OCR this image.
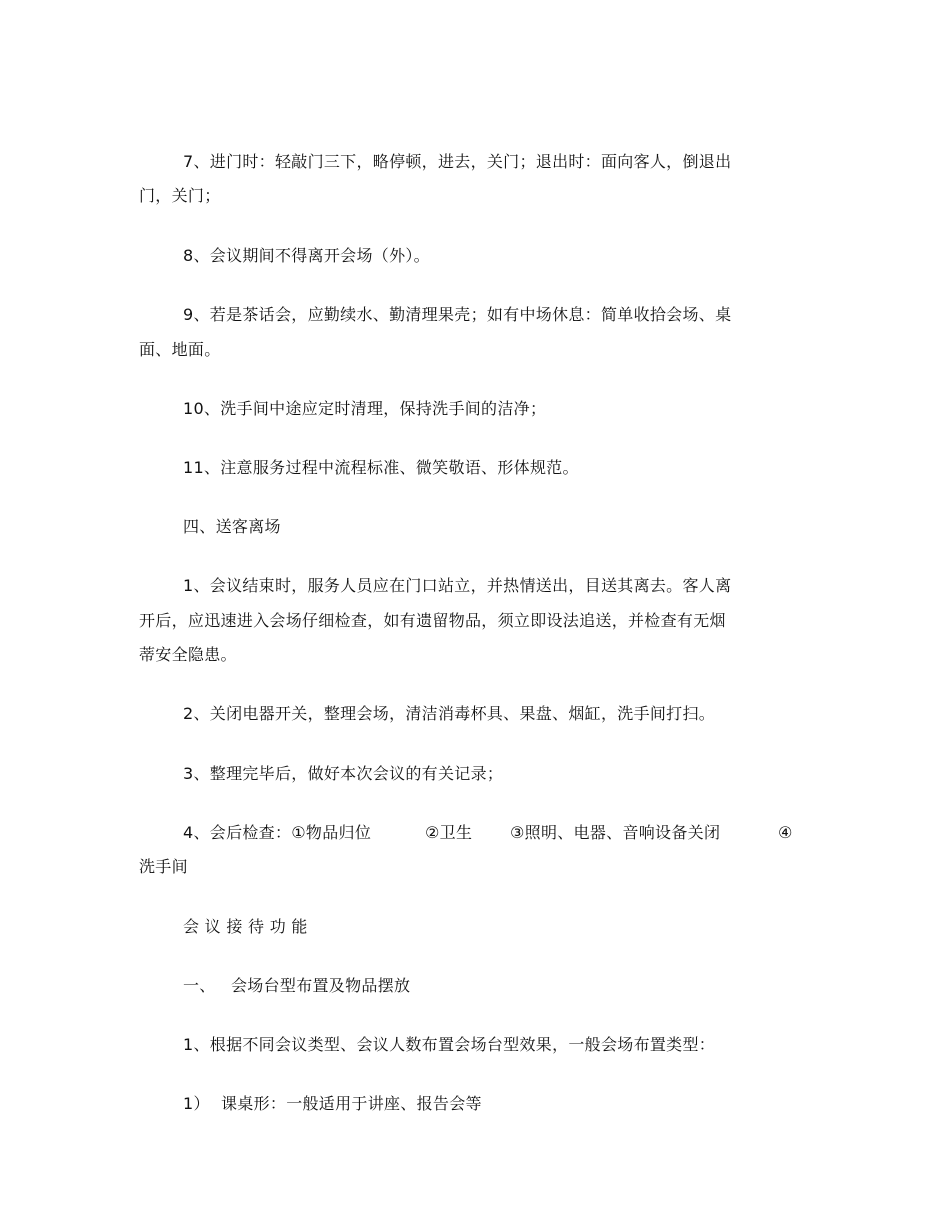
7、进门时：轻敲门三下，略停顿，进去，关门；退出时：面向客人，倒退出
门，关门；
8、会议期间不得离开会场（外）。
9、若是茶话会，应勤续水、勤清理果壳；如有中场休息：简单收拾会场、桌
面、地面。
10、洗手间中途应定时清理，保持洗手间的洁净；
11、注意服务过程中流程标准、微笑敬语、形体规范。
四、送客离场
1、会议结束时，服务人员应在门口站立，并热情送出，目送其离去。客人离
开后，应迅速进入会场仔细检查，如有遗留物品，须立即设法追送，并检查有无烟
蒂安全隐患。
2、关闭电器开关，整理会场，清洁消毒杯具、果盘、烟缸，洗手间打扫。
3、整理完毕后，做好本次会议的有关记录；
4、会后检查：①物品归位	②卫生 ③照明、电器、音响设备关闭	④
洗手间
会 议 接 待 功 能
一、 会场台型布置及物品摆放
1、根据不同会议类型、会议人数布置会场台型效果，一般会场布置类型：
1） 课桌形：一般适用于讲座、报告会等
